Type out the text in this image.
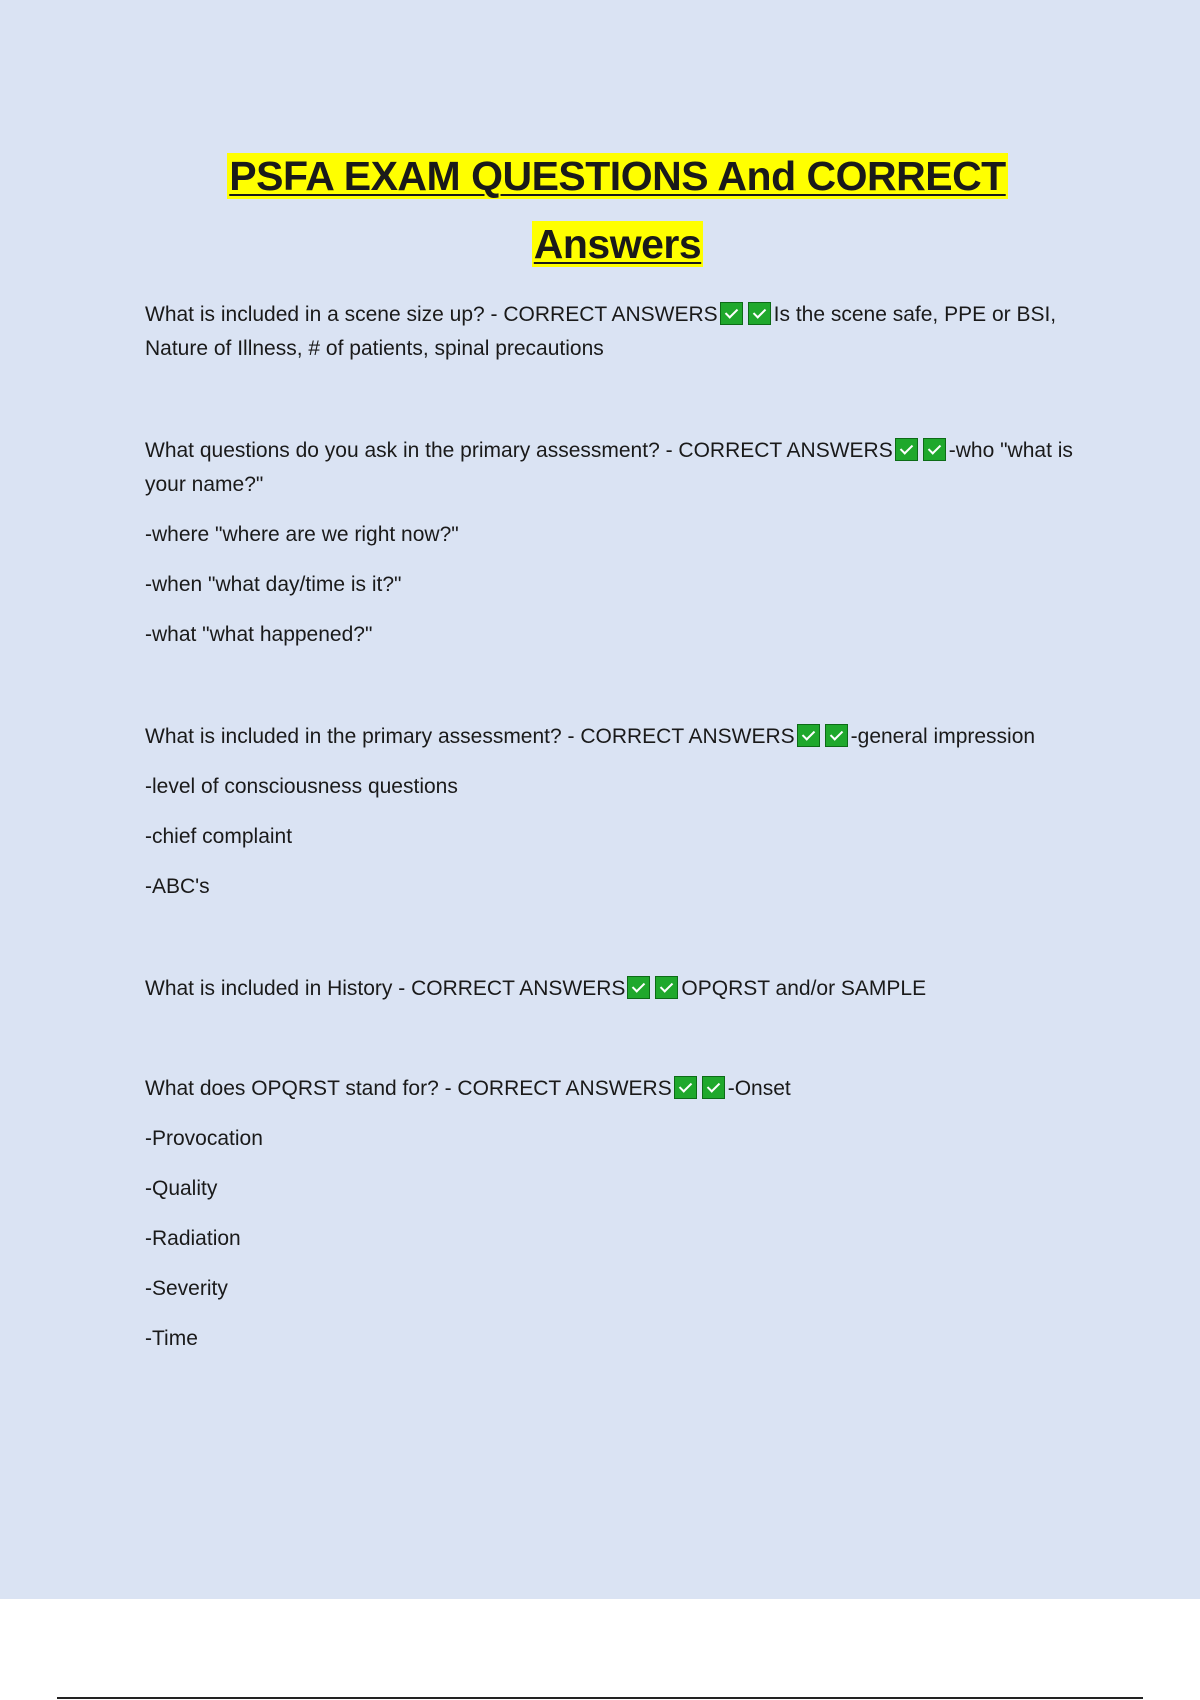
PSFA EXAM QUESTIONS And CORRECT
Answers

What is included in a scene size up? - CORRECT ANSWERS	Is the scene safe, PPE or BSI, Nature of Illness, # of patients, spinal precautions

What questions do you ask in the primary assessment? - CORRECT ANSWERS	-who "what is your name?"

-where "where are we right now?"

-when "what day/time is it?"

-what "what happened?"

What is included in the primary assessment? - CORRECT ANSWERS	-general impression

-level of consciousness questions

-chief complaint

-ABC's

What is included in History - CORRECT ANSWERS	OPQRST and/or SAMPLE

What does OPQRST stand for? - CORRECT ANSWERS	-Onset

-Provocation

-Quality

-Radiation

-Severity

-Time
